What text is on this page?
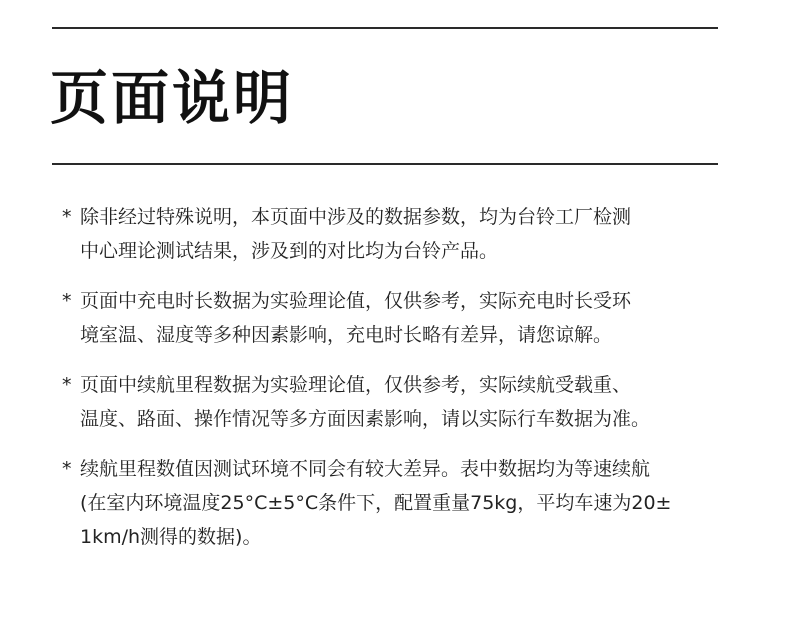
页面说明
* 除非经过特殊说明，本页面中涉及的数据参数，均为台铃工厂检测
中心理论测试结果，涉及到的对比均为台铃产品。
* 页面中充电时长数据为实验理论值，仅供参考，实际充电时长受环
境室温、湿度等多种因素影响，充电时长略有差异，请您谅解。
* 页面中续航里程数据为实验理论值，仅供参考，实际续航受载重、
温度、路面、操作情况等多方面因素影响，请以实际行车数据为准。
* 续航里程数值因测试环境不同会有较大差异。表中数据均为等速续航
(在室内环境温度25°C±5°C条件下，配置重量75kg，平均车速为20±
1km/h测得的数据)。
